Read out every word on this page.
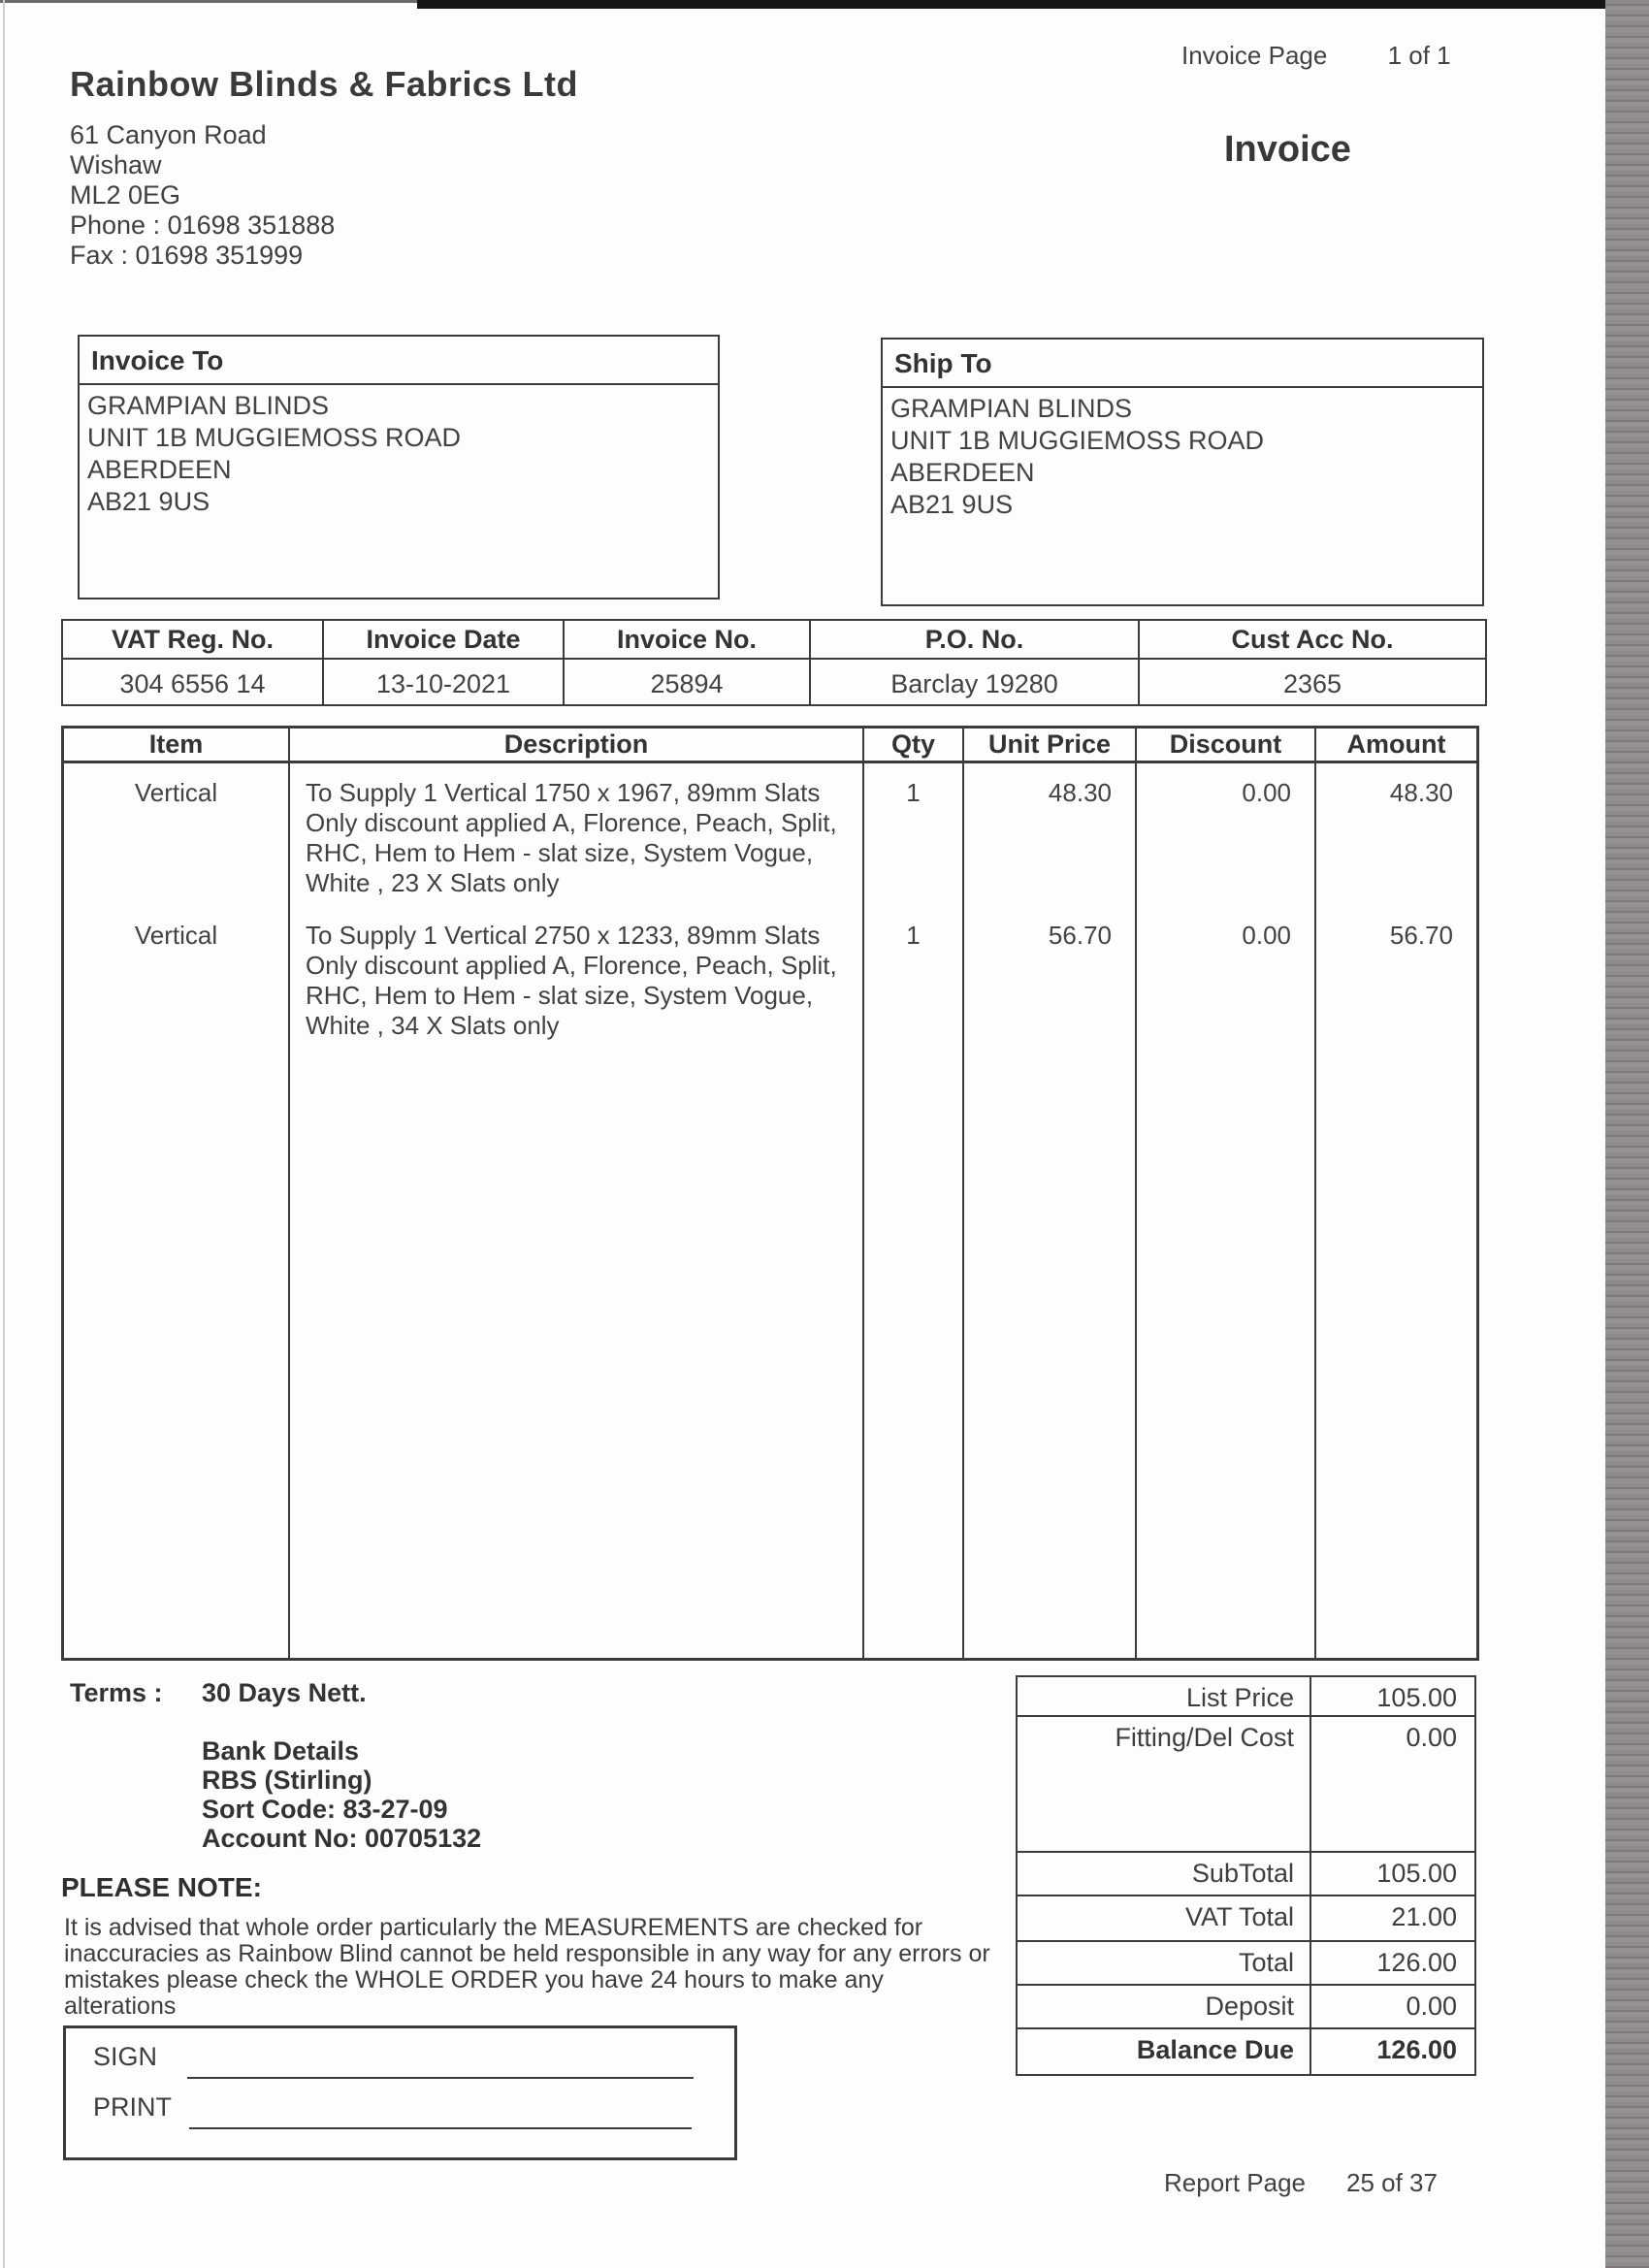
Rainbow Blinds & Fabrics Ltd
61 Canyon Road
Wishaw
ML2 0EG
Phone : 01698 351888
Fax : 01698 351999
Invoice Page 1 of 1
Invoice
Invoice To
GRAMPIAN BLINDS
UNIT 1B MUGGIEMOSS ROAD
ABERDEEN
AB21 9US
Ship To
GRAMPIAN BLINDS
UNIT 1B MUGGIEMOSS ROAD
ABERDEEN
AB21 9US
VAT Reg. No.	Invoice Date	Invoice No.	P.O. No.	Cust Acc No.
304 6556 14	13-10-2021	25894	Barclay 19280	2365
Item	Description	Qty	Unit Price	Discount	Amount
Vertical	To Supply 1 Vertical 1750 x 1967, 89mm Slats
Only discount applied A, Florence, Peach, Split,
RHC, Hem to Hem - slat size, System Vogue,
White , 23 X Slats only
1	48.30	0.00	48.30
Vertical	To Supply 1 Vertical 2750 x 1233, 89mm Slats
Only discount applied A, Florence, Peach, Split,
RHC, Hem to Hem - slat size, System Vogue,
White , 34 X Slats only
1	56.70	0.00	56.70
List Price	105.00
Fitting/Del Cost	0.00
SubTotal	105.00
VAT Total	21.00
Total	126.00
Deposit	0.00
Balance Due	126.00
Terms : 30 Days Nett.
Bank Details
RBS (Stirling)
Sort Code: 83-27-09
Account No: 00705132
PLEASE NOTE:
It is advised that whole order particularly the MEASUREMENTS are checked for
inaccuracies as Rainbow Blind cannot be held responsible in any way for any errors or
mistakes please check the WHOLE ORDER you have 24 hours to make any alterations
SIGN
PRINT
Report Page 25 of 37
